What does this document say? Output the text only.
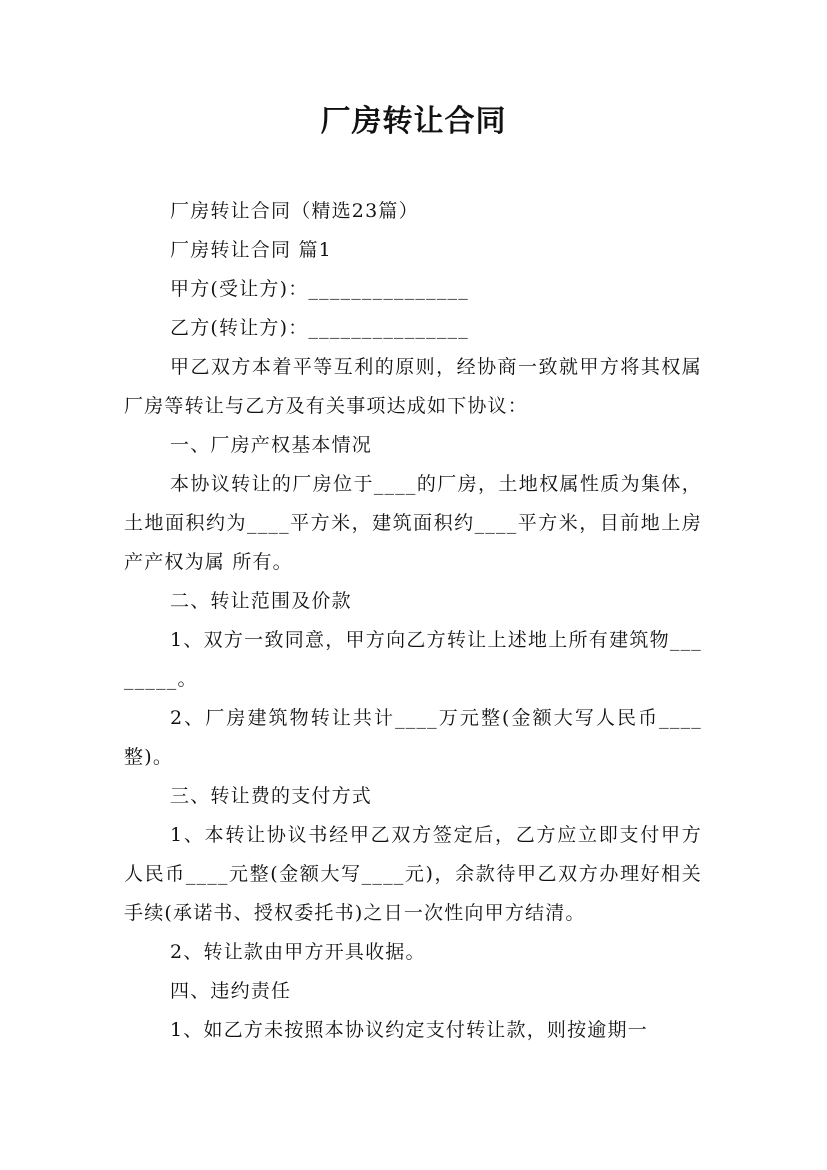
厂房转让合同

厂房转让合同（精选23篇）

厂房转让合同 篇1

甲方(受让方)：_______________

乙方(转让方)：_______________

甲乙双方本着平等互利的原则，经协商一致就甲方将其权属厂房等转让与乙方及有关事项达成如下协议：

一、厂房产权基本情况

本协议转让的厂房位于____的厂房，土地权属性质为集体，土地面积约为____平方米，建筑面积约____平方米，目前地上房产产权为属 所有。

二、转让范围及价款

1、双方一致同意，甲方向乙方转让上述地上所有建筑物________。

2、厂房建筑物转让共计____万元整(金额大写人民币____整)。

三、转让费的支付方式

1、本转让协议书经甲乙双方签定后，乙方应立即支付甲方人民币____元整(金额大写____元)，余款待甲乙双方办理好相关手续(承诺书、授权委托书)之日一次性向甲方结清。

2、转让款由甲方开具收据。

四、违约责任

1、如乙方未按照本协议约定支付转让款，则按逾期一
